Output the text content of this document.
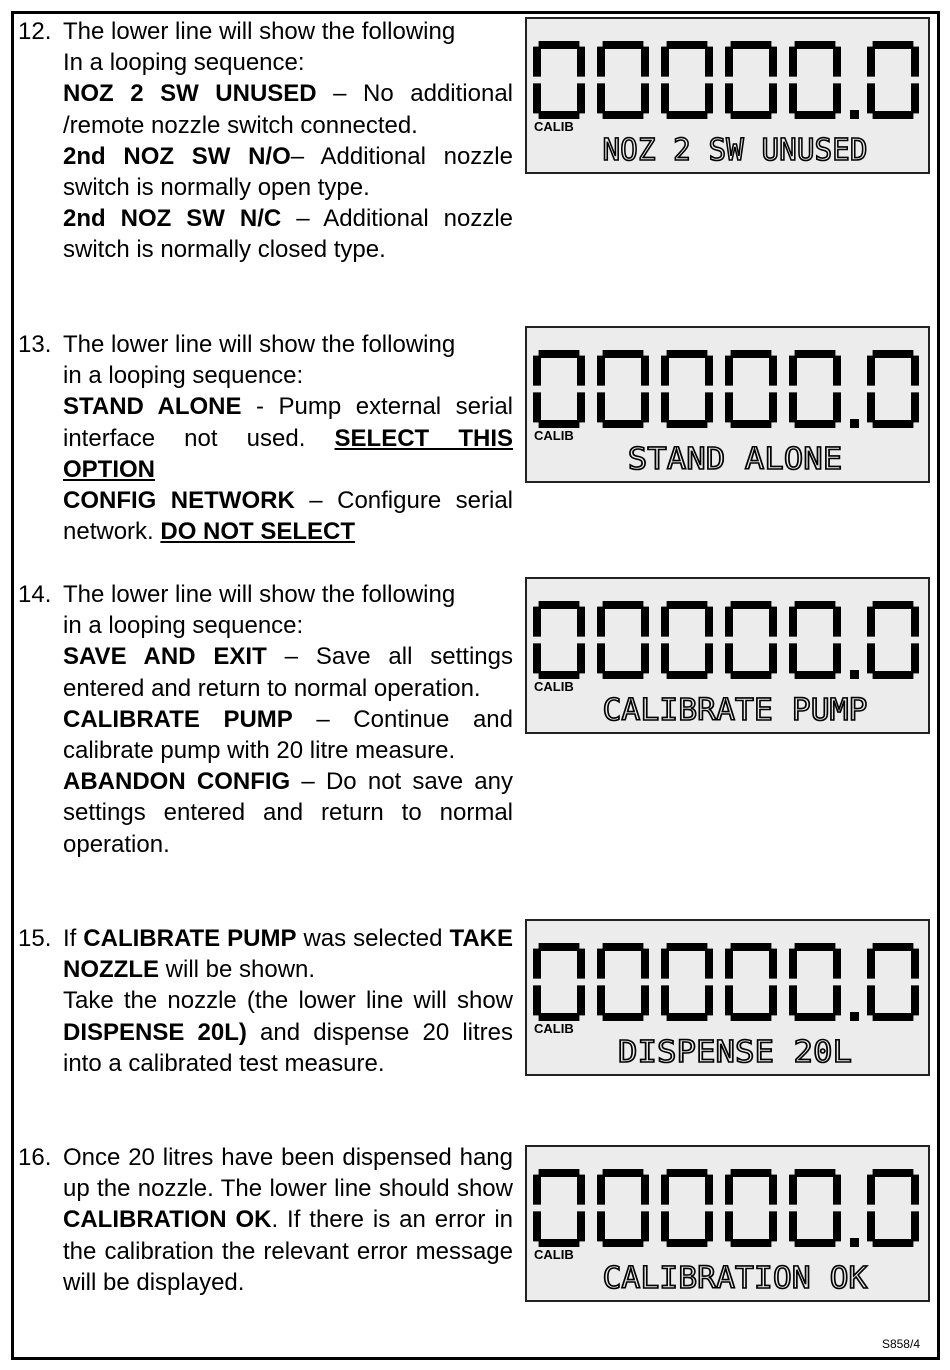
12. The lower line will show the following

In a looping sequence:

NOZ 2 SW UNUSED – No additional /remote nozzle switch connected.

2nd NOZ SW N/O– Additional nozzle switch is normally open type.

2nd NOZ SW N/C – Additional nozzle switch is normally closed type.

NOZ 2 SW UNUSED
CALIB
13. The lower line will show the following

in a looping sequence:

STAND ALONE - Pump external serial interface not used. SELECT THIS OPTION

CONFIG NETWORK – Configure serial network. DO NOT SELECT

STAND ALONE
CALIB
14. The lower line will show the following

in a looping sequence:

SAVE AND EXIT – Save all settings entered and return to normal operation.

CALIBRATE PUMP – Continue and calibrate pump with 20 litre measure.

ABANDON CONFIG – Do not save any settings entered and return to normal operation.

CALIBRATE PUMP
CALIB
15. If CALIBRATE PUMP was selected TAKE NOZZLE will be shown.

Take the nozzle (the lower line will show DISPENSE 20L) and dispense 20 litres into a calibrated test measure.	DISPENSE 20L
CALIB
16. Once 20 litres have been dispensed hang up the nozzle. The lower line should show CALIBRATION OK. If there is an error in the calibration the relevant error message will be displayed.	CALIBRATION OK
CALIB
S858/4
